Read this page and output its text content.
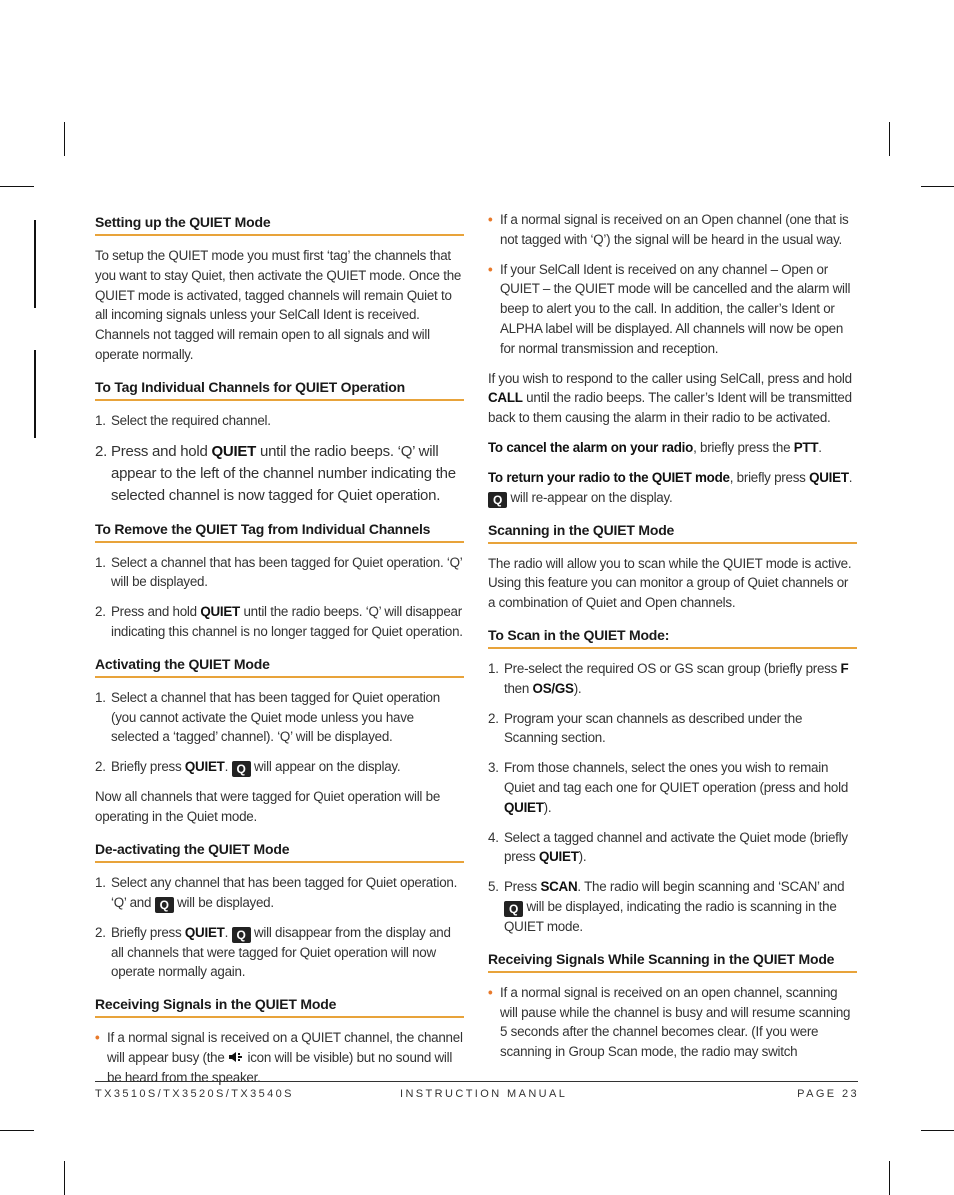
Setting up the QUIET Mode

To setup the QUIET mode you must first ‘tag’ the channels that you want to stay Quiet, then activate the QUIET mode. Once the QUIET mode is activated, tagged channels will remain Quiet to all incoming signals unless your SelCall Ident is received. Channels not tagged will remain open to all signals and will operate normally.

To Tag Individual Channels for QUIET Operation

1. Select the required channel.

2. Press and hold QUIET until the radio beeps. ‘Q’ will appear to the left of the channel number indicating the selected channel is now tagged for Quiet operation.

To Remove the QUIET Tag from Individual Channels

1. Select a channel that has been tagged for Quiet operation. ‘Q’ will be displayed.

2. Press and hold QUIET until the radio beeps. ‘Q’ will disappear indicating this channel is no longer tagged for Quiet operation.

Activating the QUIET Mode

1. Select a channel that has been tagged for Quiet operation (you cannot activate the Quiet mode unless you have selected a ‘tagged’ channel). ‘Q’ will be displayed.

2. Briefly press QUIET. Q will appear on the display.

Now all channels that were tagged for Quiet operation will be operating in the Quiet mode.

De-activating the QUIET Mode

1. Select any channel that has been tagged for Quiet operation. ‘Q’ and Q will be displayed.

2. Briefly press QUIET. Q will disappear from the display and all channels that were tagged for Quiet operation will now operate normally again.

Receiving Signals in the QUIET Mode

• If a normal signal is received on a QUIET channel, the channel will appear busy (the  icon will be visible) but no sound will be heard from the speaker.

• If a normal signal is received on an Open channel (one that is not tagged with ‘Q’) the signal will be heard in the usual way.

• If your SelCall Ident is received on any channel – Open or QUIET – the QUIET mode will be cancelled and the alarm will beep to alert you to the call. In addition, the caller’s Ident or ALPHA label will be displayed. All channels will now be open for normal transmission and reception.

If you wish to respond to the caller using SelCall, press and hold CALL until the radio beeps. The caller’s Ident will be transmitted back to them causing the alarm in their radio to be activated.

To cancel the alarm on your radio, briefly press the PTT.

To return your radio to the QUIET mode, briefly press QUIET. Q will re-appear on the display.

Scanning in the QUIET Mode

The radio will allow you to scan while the QUIET mode is active. Using this feature you can monitor a group of Quiet channels or a combination of Quiet and Open channels.

To Scan in the QUIET Mode:

1. Pre-select the required OS or GS scan group (briefly press F then OS/GS).

2. Program your scan channels as described under the Scanning section.

3. From those channels, select the ones you wish to remain Quiet and tag each one for QUIET operation (press and hold QUIET).

4. Select a tagged channel and activate the Quiet mode (briefly press QUIET).

5. Press SCAN. The radio will begin scanning and ‘SCAN’ and Q will be displayed, indicating the radio is scanning in the QUIET mode.

Receiving Signals While Scanning in the QUIET Mode

• If a normal signal is received on an open channel, scanning will pause while the channel is busy and will resume scanning 5 seconds after the channel becomes clear. (If you were scanning in Group Scan mode, the radio may switch

TX3510S/TX3520S/TX3540S	INSTRUCTION MANUAL	PAGE 23
